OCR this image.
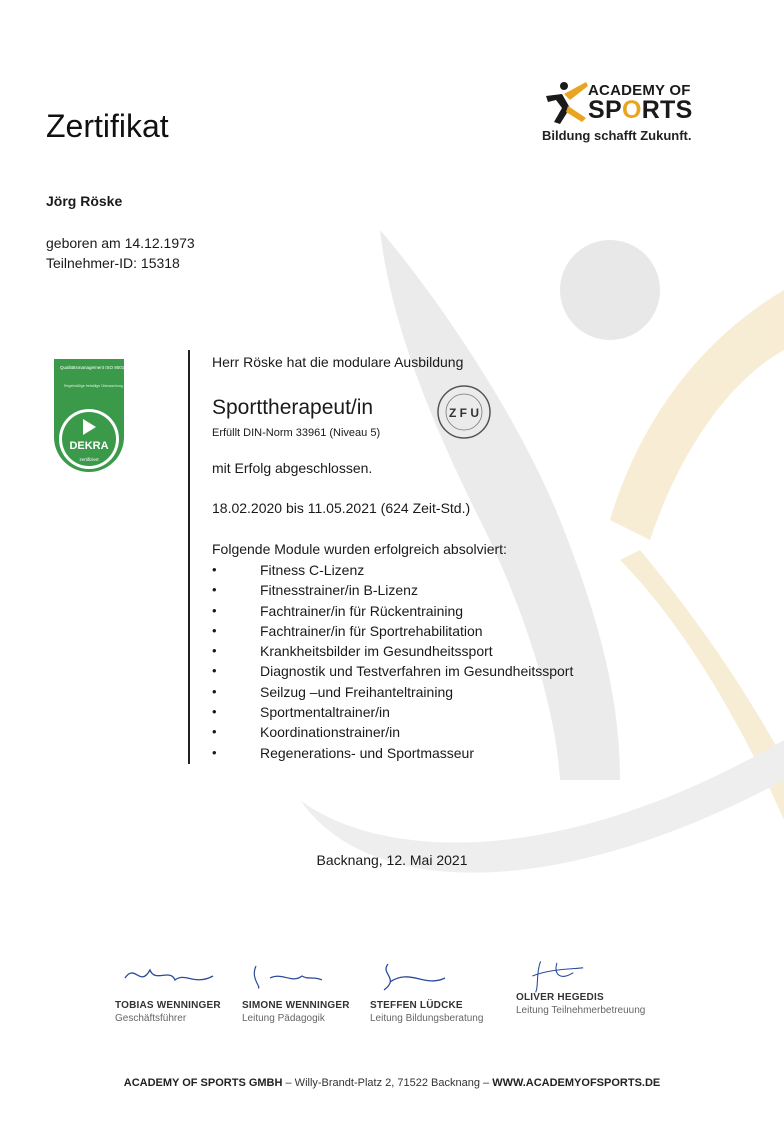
Zertifikat
ACADEMY OF
SPORTS
Bildung schafft Zukunft.
Jörg Röske
geboren am 14.12.1973
Teilnehmer-ID: 15318
Qualitätsmanagement ISO 9001:2008
Regelmäßige freiwillige Überwachung
DEKRA
zertifiziert
Herr Röske hat die modulare Ausbildung
Sporttherapeut/in
Erfüllt DIN-Norm 33961 (Niveau 5)
mit Erfolg abgeschlossen.
18.02.2020 bis 11.05.2021 (624 Zeit-Std.)
Folgende Module wurden erfolgreich absolviert:
•	Fitness C-Lizenz
•	Fitnesstrainer/in B-Lizenz
•	Fachtrainer/in für Rückentraining
•	Fachtrainer/in für Sportrehabilitation
•	Krankheitsbilder im Gesundheitssport
•	Diagnostik und Testverfahren im Gesundheitssport
•	Seilzug –und Freihanteltraining
•	Sportmentaltrainer/in
•	Koordinationstrainer/in
•	Regenerations- und Sportmasseur
Z F U
Backnang, 12. Mai 2021
TOBIAS WENNINGER
Geschäftsführer
SIMONE WENNINGER
Leitung Pädagogik
STEFFEN LÜDCKE
Leitung Bildungsberatung
OLIVER HEGEDIS
Leitung Teilnehmerbetreuung
ACADEMY OF SPORTS GMBH – Willy-Brandt-Platz 2, 71522 Backnang – WWW.ACADEMYOFSPORTS.DE
